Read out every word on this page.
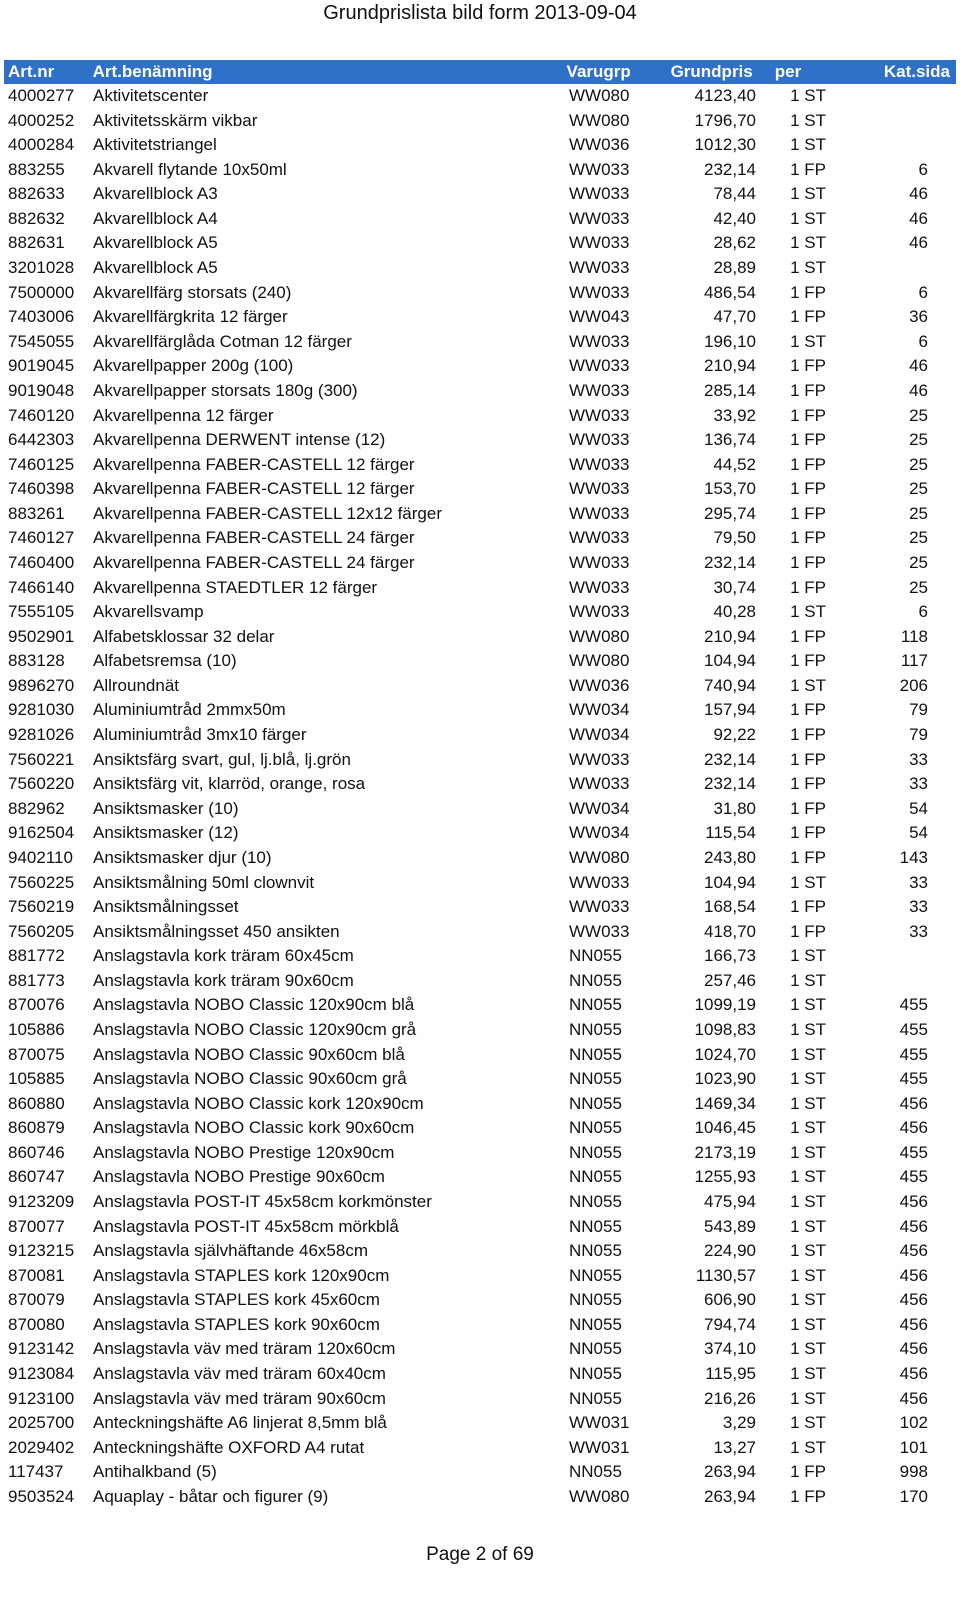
Grundprislista bild form 2013-09-04
Art.nr	Art.benämning	Varugrp	Grundpris	per	Kat.sida
4000277	Aktivitetscenter	WW080	4123,40	1 ST
4000252	Aktivitetsskärm vikbar	WW080	1796,70	1 ST
4000284	Aktivitetstriangel	WW036	1012,30	1 ST
883255	Akvarell flytande 10x50ml	WW033	232,14	1 FP	6
882633	Akvarellblock A3	WW033	78,44	1 ST	46
882632	Akvarellblock A4	WW033	42,40	1 ST	46
882631	Akvarellblock A5	WW033	28,62	1 ST	46
3201028	Akvarellblock A5	WW033	28,89	1 ST
7500000	Akvarellfärg storsats (240)	WW033	486,54	1 FP	6
7403006	Akvarellfärgkrita 12 färger	WW043	47,70	1 FP	36
7545055	Akvarellfärglåda Cotman 12 färger	WW033	196,10	1 ST	6
9019045	Akvarellpapper 200g (100)	WW033	210,94	1 FP	46
9019048	Akvarellpapper storsats 180g (300)	WW033	285,14	1 FP	46
7460120	Akvarellpenna 12 färger	WW033	33,92	1 FP	25
6442303	Akvarellpenna DERWENT intense (12)	WW033	136,74	1 FP	25
7460125	Akvarellpenna FABER-CASTELL 12 färger	WW033	44,52	1 FP	25
7460398	Akvarellpenna FABER-CASTELL 12 färger	WW033	153,70	1 FP	25
883261	Akvarellpenna FABER-CASTELL 12x12 färger	WW033	295,74	1 FP	25
7460127	Akvarellpenna FABER-CASTELL 24 färger	WW033	79,50	1 FP	25
7460400	Akvarellpenna FABER-CASTELL 24 färger	WW033	232,14	1 FP	25
7466140	Akvarellpenna STAEDTLER 12 färger	WW033	30,74	1 FP	25
7555105	Akvarellsvamp	WW033	40,28	1 ST	6
9502901	Alfabetsklossar 32 delar	WW080	210,94	1 FP	118
883128	Alfabetsremsa (10)	WW080	104,94	1 FP	117
9896270	Allroundnät	WW036	740,94	1 ST	206
9281030	Aluminiumtråd 2mmx50m	WW034	157,94	1 FP	79
9281026	Aluminiumtråd 3mx10 färger	WW034	92,22	1 FP	79
7560221	Ansiktsfärg svart, gul, lj.blå, lj.grön	WW033	232,14	1 FP	33
7560220	Ansiktsfärg vit, klarröd, orange, rosa	WW033	232,14	1 FP	33
882962	Ansiktsmasker (10)	WW034	31,80	1 FP	54
9162504	Ansiktsmasker (12)	WW034	115,54	1 FP	54
9402110	Ansiktsmasker djur (10)	WW080	243,80	1 FP	143
7560225	Ansiktsmålning 50ml clownvit	WW033	104,94	1 ST	33
7560219	Ansiktsmålningsset	WW033	168,54	1 FP	33
7560205	Ansiktsmålningsset 450 ansikten	WW033	418,70	1 FP	33
881772	Anslagstavla kork träram 60x45cm	NN055	166,73	1 ST
881773	Anslagstavla kork träram 90x60cm	NN055	257,46	1 ST
870076	Anslagstavla NOBO Classic 120x90cm blå	NN055	1099,19	1 ST	455
105886	Anslagstavla NOBO Classic 120x90cm grå	NN055	1098,83	1 ST	455
870075	Anslagstavla NOBO Classic 90x60cm blå	NN055	1024,70	1 ST	455
105885	Anslagstavla NOBO Classic 90x60cm grå	NN055	1023,90	1 ST	455
860880	Anslagstavla NOBO Classic kork 120x90cm	NN055	1469,34	1 ST	456
860879	Anslagstavla NOBO Classic kork 90x60cm	NN055	1046,45	1 ST	456
860746	Anslagstavla NOBO Prestige 120x90cm	NN055	2173,19	1 ST	455
860747	Anslagstavla NOBO Prestige 90x60cm	NN055	1255,93	1 ST	455
9123209	Anslagstavla POST-IT 45x58cm korkmönster	NN055	475,94	1 ST	456
870077	Anslagstavla POST-IT 45x58cm mörkblå	NN055	543,89	1 ST	456
9123215	Anslagstavla självhäftande 46x58cm	NN055	224,90	1 ST	456
870081	Anslagstavla STAPLES kork 120x90cm	NN055	1130,57	1 ST	456
870079	Anslagstavla STAPLES kork 45x60cm	NN055	606,90	1 ST	456
870080	Anslagstavla STAPLES kork 90x60cm	NN055	794,74	1 ST	456
9123142	Anslagstavla väv med träram 120x60cm	NN055	374,10	1 ST	456
9123084	Anslagstavla väv med träram 60x40cm	NN055	115,95	1 ST	456
9123100	Anslagstavla väv med träram 90x60cm	NN055	216,26	1 ST	456
2025700	Anteckningshäfte A6 linjerat 8,5mm blå	WW031	3,29	1 ST	102
2029402	Anteckningshäfte OXFORD A4 rutat	WW031	13,27	1 ST	101
117437	Antihalkband (5)	NN055	263,94	1 FP	998
9503524	Aquaplay - båtar och figurer (9)	WW080	263,94	1 FP	170
Page 2 of 69
